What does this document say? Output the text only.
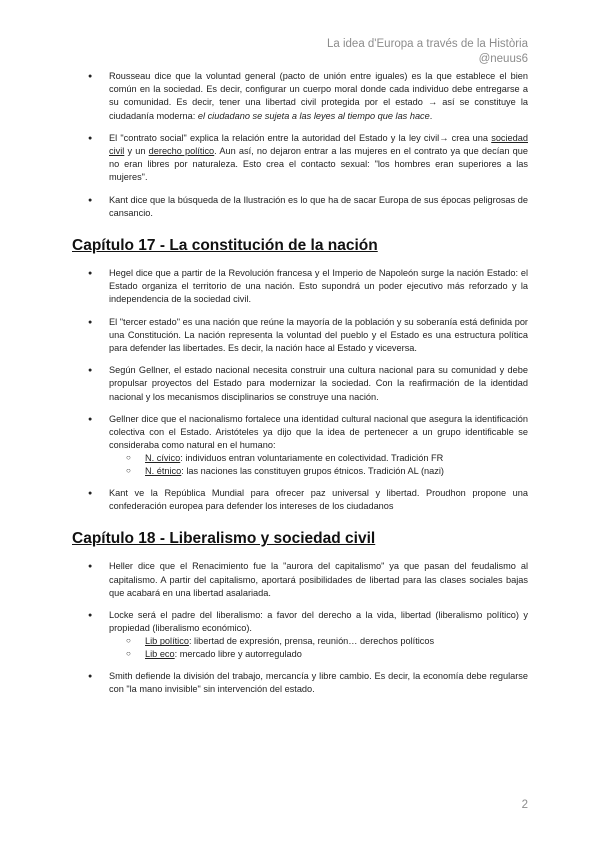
La idea d'Europa a través de la Història
@neuus6
● Rousseau dice que la voluntad general (pacto de unión entre iguales) es la que establece el bien común en la sociedad. Es decir, configurar un cuerpo moral donde cada individuo debe entregarse a su comunidad. Es decir, tener una libertad civil protegida por el estado → así se constituye la ciudadanía moderna: el ciudadano se sujeta a las leyes al tiempo que las hace.
● El "contrato social" explica la relación entre la autoridad del Estado y la ley civil→ crea una sociedad civil y un derecho político. Aun así, no dejaron entrar a las mujeres en el contrato ya que decían que no eran libres por naturaleza. Esto crea el contacto sexual: "los hombres eran superiores a las mujeres".
● Kant dice que la búsqueda de la Ilustración es lo que ha de sacar Europa de sus épocas peligrosas de cansancio.
Capítulo 17 - La constitución de la nación
● Hegel dice que a partir de la Revolución francesa y el Imperio de Napoleón surge la nación Estado: el Estado organiza el territorio de una nación. Esto supondrá un poder ejecutivo más reforzado y la independencia de la sociedad civil.
● El "tercer estado" es una nación que reúne la mayoría de la población y su soberanía está definida por una Constitución. La nación representa la voluntad del pueblo y el Estado es una estructura política para defender las libertades. Es decir, la nación hace al Estado y viceversa.
● Según Gellner, el estado nacional necesita construir una cultura nacional para su comunidad y debe propulsar proyectos del Estado para modernizar la sociedad. Con la reafirmación de la identidad nacional y los mecanismos disciplinarios se construye una nación.
● Gellner dice que el nacionalismo fortalece una identidad cultural nacional que asegura la identificación colectiva con el Estado. Aristóteles ya dijo que la idea de pertenecer a un grupo identificable se consideraba como natural en el humano:
○ N. cívico: individuos entran voluntariamente en colectividad. Tradición FR
○ N. étnico: las naciones las constituyen grupos étnicos. Tradición AL (nazi)
● Kant ve la República Mundial para ofrecer paz universal y libertad. Proudhon propone una confederación europea para defender los intereses de los ciudadanos
Capítulo 18 - Liberalismo y sociedad civil
● Heller dice que el Renacimiento fue la "aurora del capitalismo" ya que pasan del feudalismo al capitalismo. A partir del capitalismo, aportará posibilidades de libertad para las clases sociales bajas que acabará en una libertad asalariada.
● Locke será el padre del liberalismo: a favor del derecho a la vida, libertad (liberalismo político) y propiedad (liberalismo económico).
○ Lib político: libertad de expresión, prensa, reunión… derechos políticos
○ Lib eco: mercado libre y autorregulado
● Smith defiende la división del trabajo, mercancía y libre cambio. Es decir, la economía debe regularse con "la mano invisible" sin intervención del estado.
2
